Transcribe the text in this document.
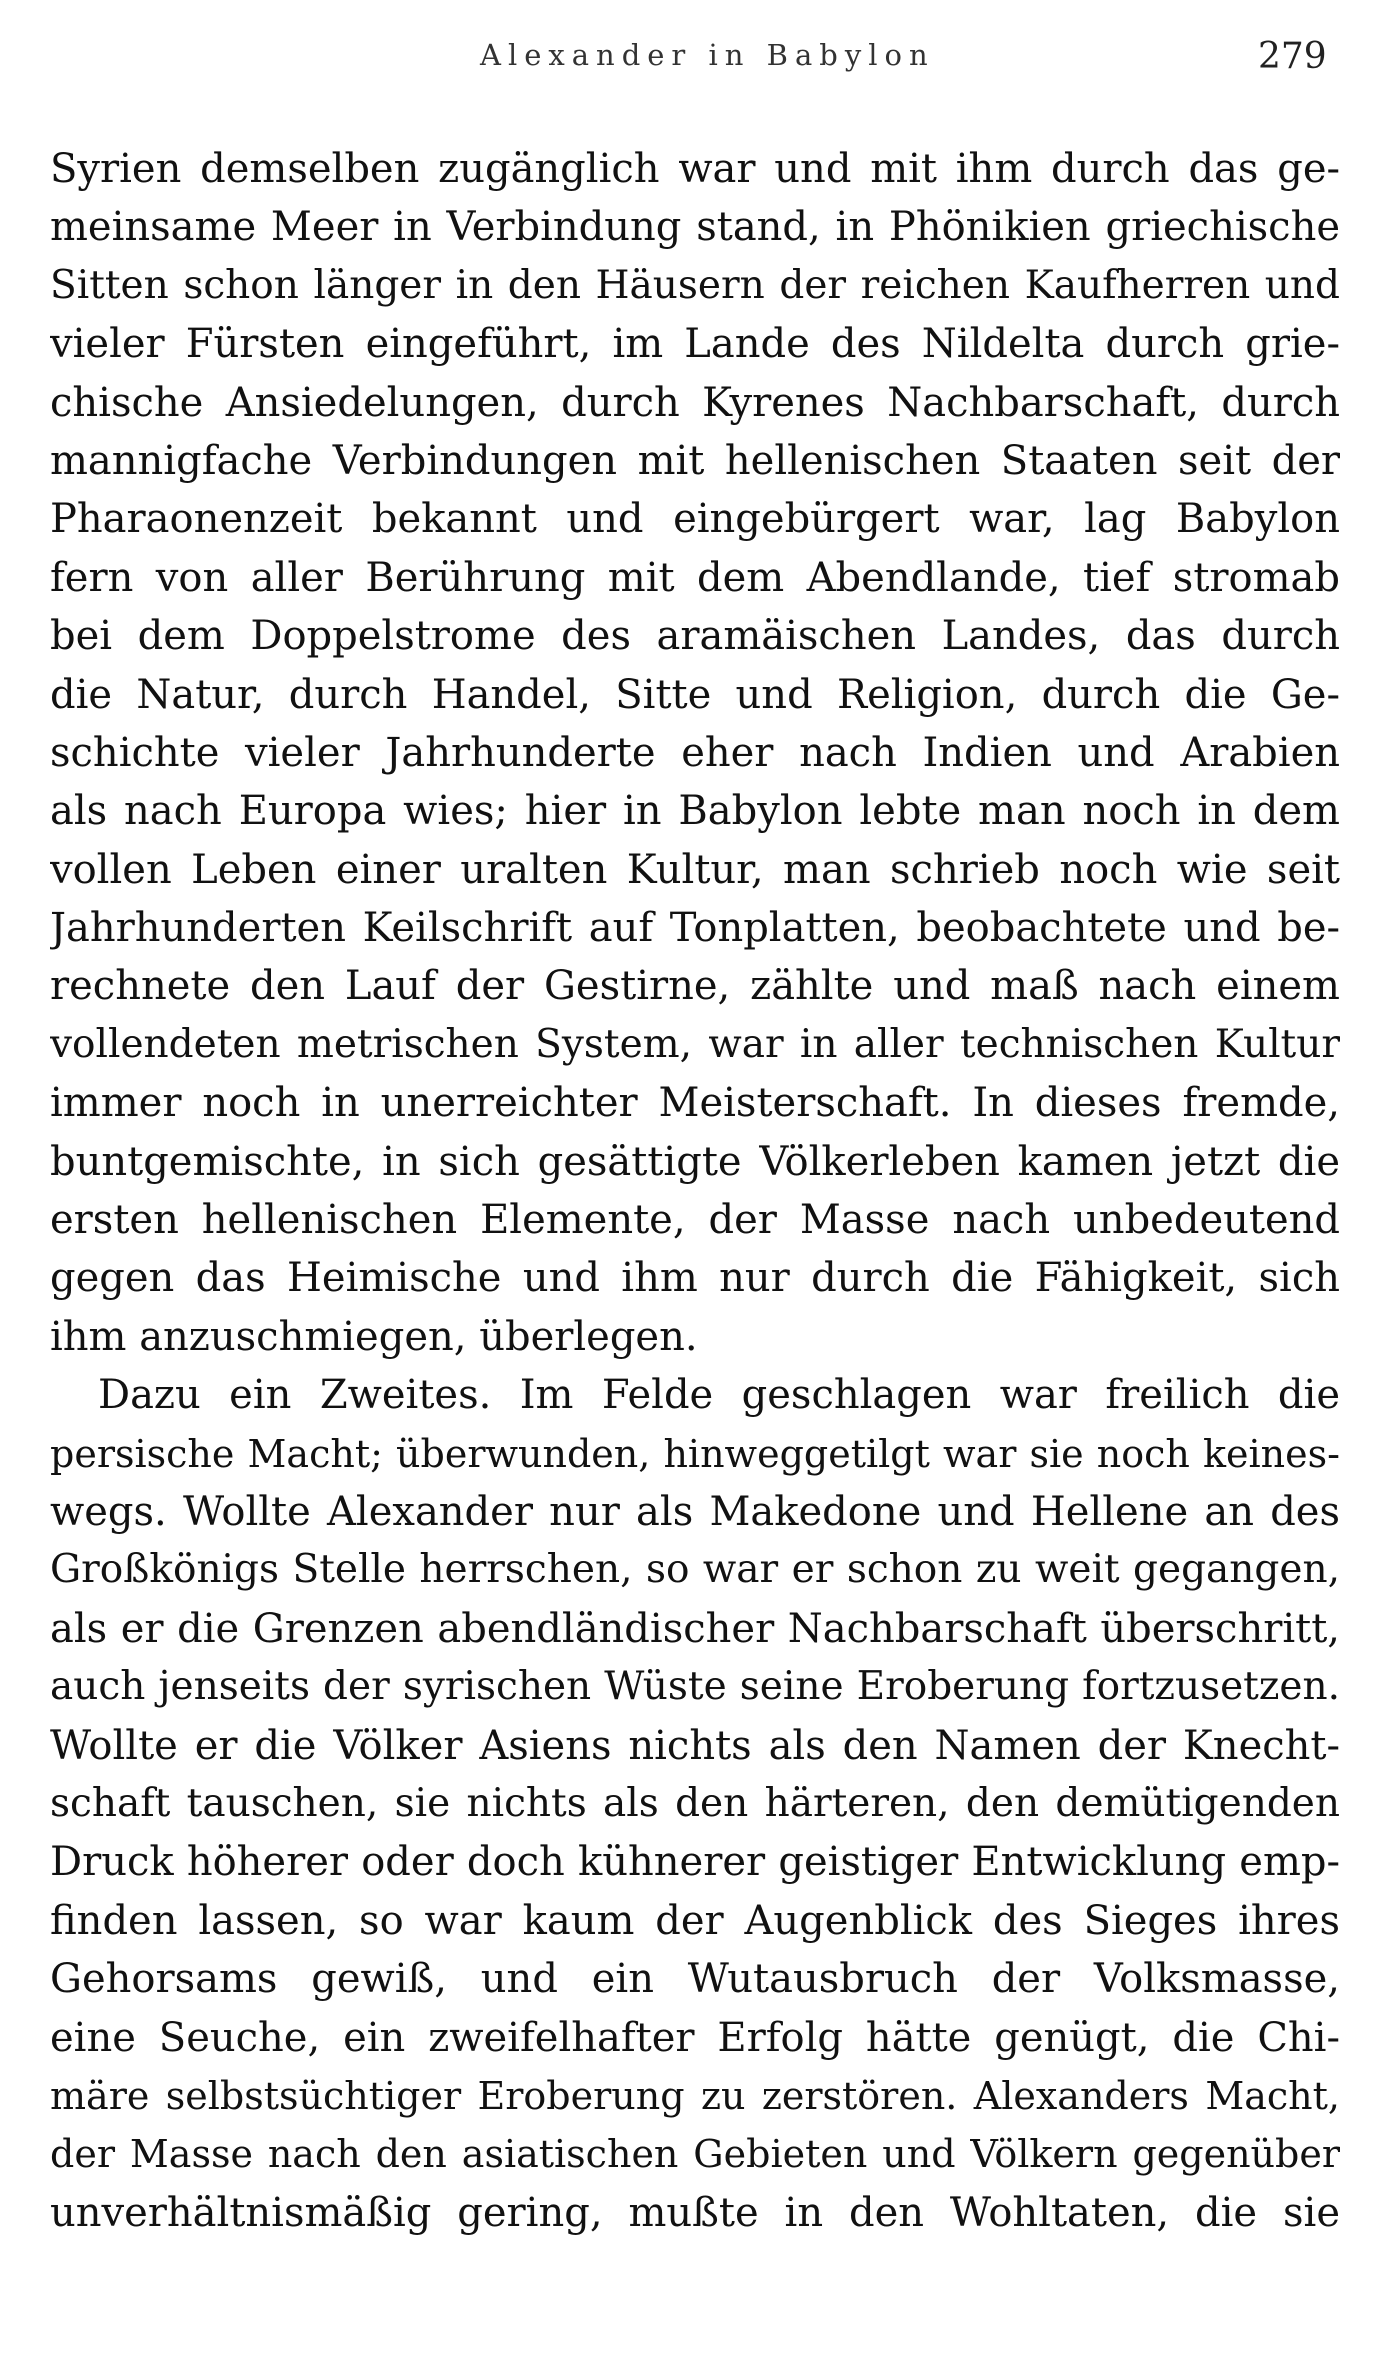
Alexander in Babylon	279
Syrien demselben zugänglich war und mit ihm durch das ge-
meinsame Meer in Verbindung stand, in Phönikien griechische
Sitten schon länger in den Häusern der reichen Kaufherren und
vieler Fürsten eingeführt, im Lande des Nildelta durch grie-
chische Ansiedelungen, durch Kyrenes Nachbarschaft, durch
mannigfache Verbindungen mit hellenischen Staaten seit der
Pharaonenzeit bekannt und eingebürgert war, lag Babylon
fern von aller Berührung mit dem Abendlande, tief stromab
bei dem Doppelstrome des aramäischen Landes, das durch
die Natur, durch Handel, Sitte und Religion, durch die Ge-
schichte vieler Jahrhunderte eher nach Indien und Arabien
als nach Europa wies; hier in Babylon lebte man noch in dem
vollen Leben einer uralten Kultur, man schrieb noch wie seit
Jahrhunderten Keilschrift auf Tonplatten, beobachtete und be-
rechnete den Lauf der Gestirne, zählte und maß nach einem
vollendeten metrischen System, war in aller technischen Kultur
immer noch in unerreichter Meisterschaft. In dieses fremde,
buntgemischte, in sich gesättigte Völkerleben kamen jetzt die
ersten hellenischen Elemente, der Masse nach unbedeutend
gegen das Heimische und ihm nur durch die Fähigkeit, sich
ihm anzuschmiegen, überlegen.
Dazu ein Zweites. Im Felde geschlagen war freilich die
persische Macht; überwunden, hinweggetilgt war sie noch keines-
wegs. Wollte Alexander nur als Makedone und Hellene an des
Großkönigs Stelle herrschen, so war er schon zu weit gegangen,
als er die Grenzen abendländischer Nachbarschaft überschritt,
auch jenseits der syrischen Wüste seine Eroberung fortzusetzen.
Wollte er die Völker Asiens nichts als den Namen der Knecht-
schaft tauschen, sie nichts als den härteren, den demütigenden
Druck höherer oder doch kühnerer geistiger Entwicklung emp-
finden lassen, so war kaum der Augenblick des Sieges ihres
Gehorsams gewiß, und ein Wutausbruch der Volksmasse,
eine Seuche, ein zweifelhafter Erfolg hätte genügt, die Chi-
märe selbstsüchtiger Eroberung zu zerstören. Alexanders Macht,
der Masse nach den asiatischen Gebieten und Völkern gegenüber
unverhältnismäßig gering, mußte in den Wohltaten, die sie
